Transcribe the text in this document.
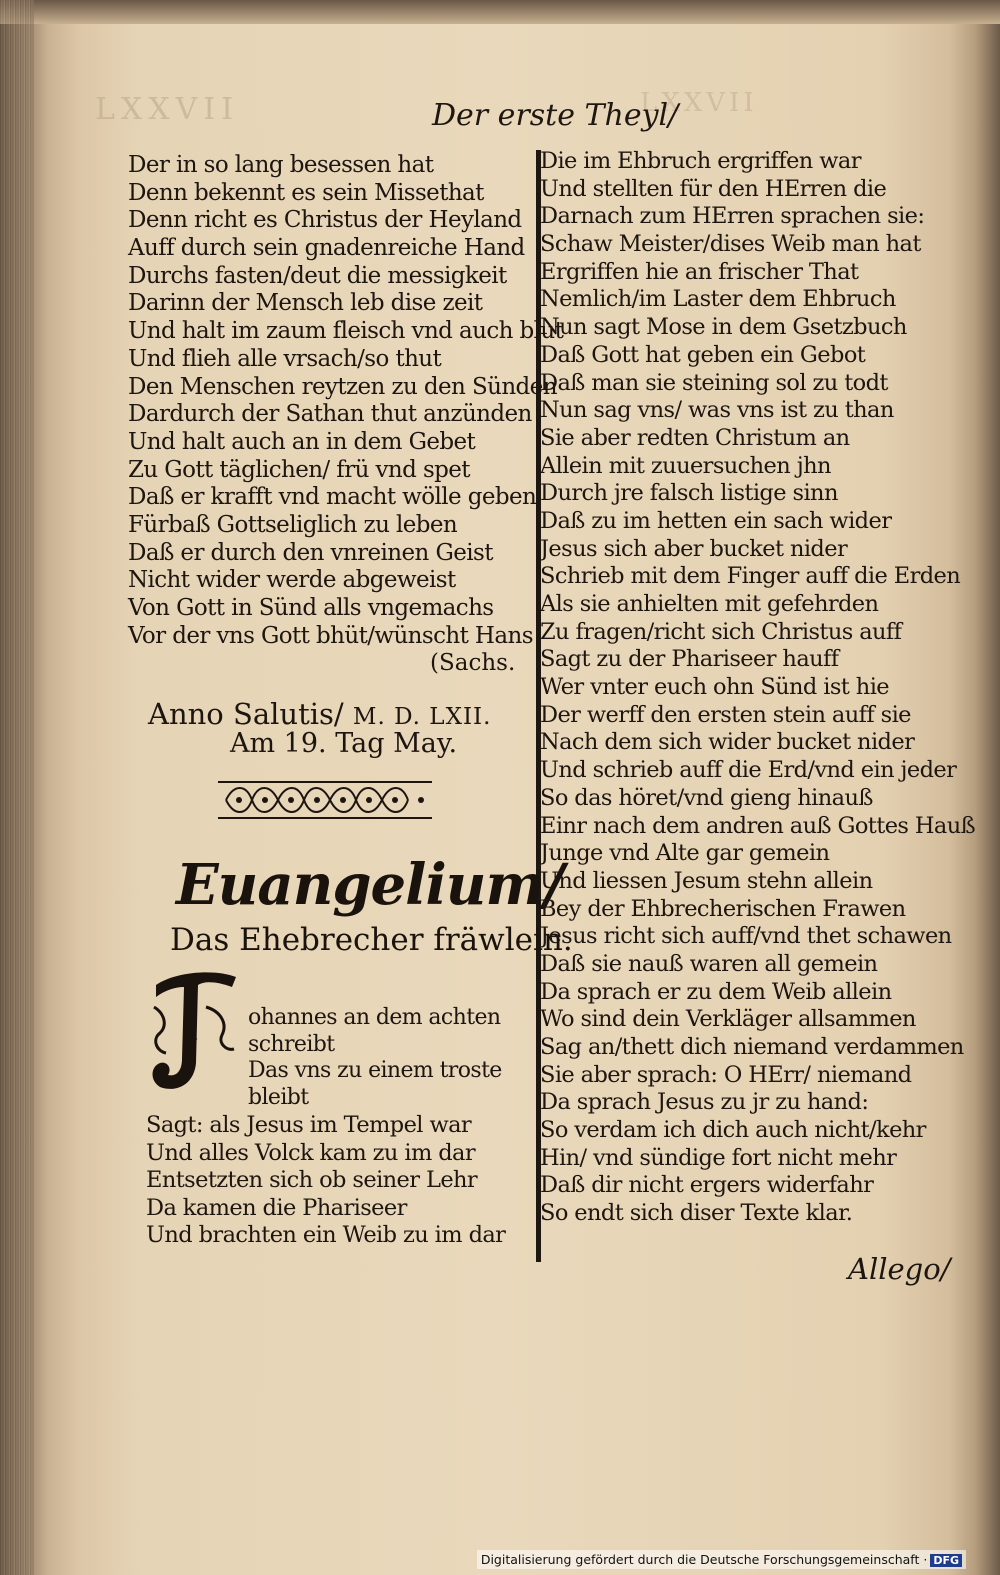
LXXVII	LXXVII
Der erste Theyl/
Der in so lang besessen hat
Denn bekennt es sein Missethat
Denn richt es Christus der Heyland
Auff durch sein gnadenreiche Hand
Durchs fasten/deut die messigkeit
Darinn der Mensch leb dise zeit
Und halt im zaum fleisch vnd auch blut
Und flieh alle vrsach/so thut
Den Menschen reytzen zu den Sünden
Dardurch der Sathan thut anzünden
Und halt auch an in dem Gebet
Zu Gott täglichen/ frü vnd spet
Daß er krafft vnd macht wölle geben
Fürbaß Gottseliglich zu leben
Daß er durch den vnreinen Geist
Nicht wider werde abgeweist
Von Gott in Sünd alls vngemachs
Vor der vns Gott bhüt/wünscht Hans
(Sachs.
Anno Salutis/ M. D. LXII.
Am 19. Tag May.
Euangelium/
Das Ehebrecher fräwlein.
J
ohannes an dem achten
schreibt
Das vns zu einem troste
bleibt
Sagt: als Jesus im Tempel war
Und alles Volck kam zu im dar
Entsetzten sich ob seiner Lehr
Da kamen die Phariseer
Und brachten ein Weib zu im dar
Die im Ehbruch ergriffen war
Und stellten für den HErren die
Darnach zum HErren sprachen sie:
Schaw Meister/dises Weib man hat
Ergriffen hie an frischer That
Nemlich/im Laster dem Ehbruch
Nun sagt Mose in dem Gsetzbuch
Daß Gott hat geben ein Gebot
Daß man sie steining sol zu todt
Nun sag vns/ was vns ist zu than
Sie aber redten Christum an
Allein mit zuuersuchen jhn
Durch jre falsch listige sinn
Daß zu im hetten ein sach wider
Jesus sich aber bucket nider
Schrieb mit dem Finger auff die Erden
Als sie anhielten mit gefehrden
Zu fragen/richt sich Christus auff
Sagt zu der Phariseer hauff
Wer vnter euch ohn Sünd ist hie
Der werff den ersten stein auff sie
Nach dem sich wider bucket nider
Und schrieb auff die Erd/vnd ein jeder
So das höret/vnd gieng hinauß
Einr nach dem andren auß Gottes Hauß
Junge vnd Alte gar gemein
Und liessen Jesum stehn allein
Bey der Ehbrecherischen Frawen
Jesus richt sich auff/vnd thet schawen
Daß sie nauß waren all gemein
Da sprach er zu dem Weib allein
Wo sind dein Verkläger allsammen
Sag an/thett dich niemand verdammen
Sie aber sprach: O HErr/ niemand
Da sprach Jesus zu jr zu hand:
So verdam ich dich auch nicht/kehr
Hin/ vnd sündige fort nicht mehr
Daß dir nicht ergers widerfahr
So endt sich diser Texte klar.
Allego/
Digitalisierung gefördert durch die Deutsche Forschungsgemeinschaft · DFG
